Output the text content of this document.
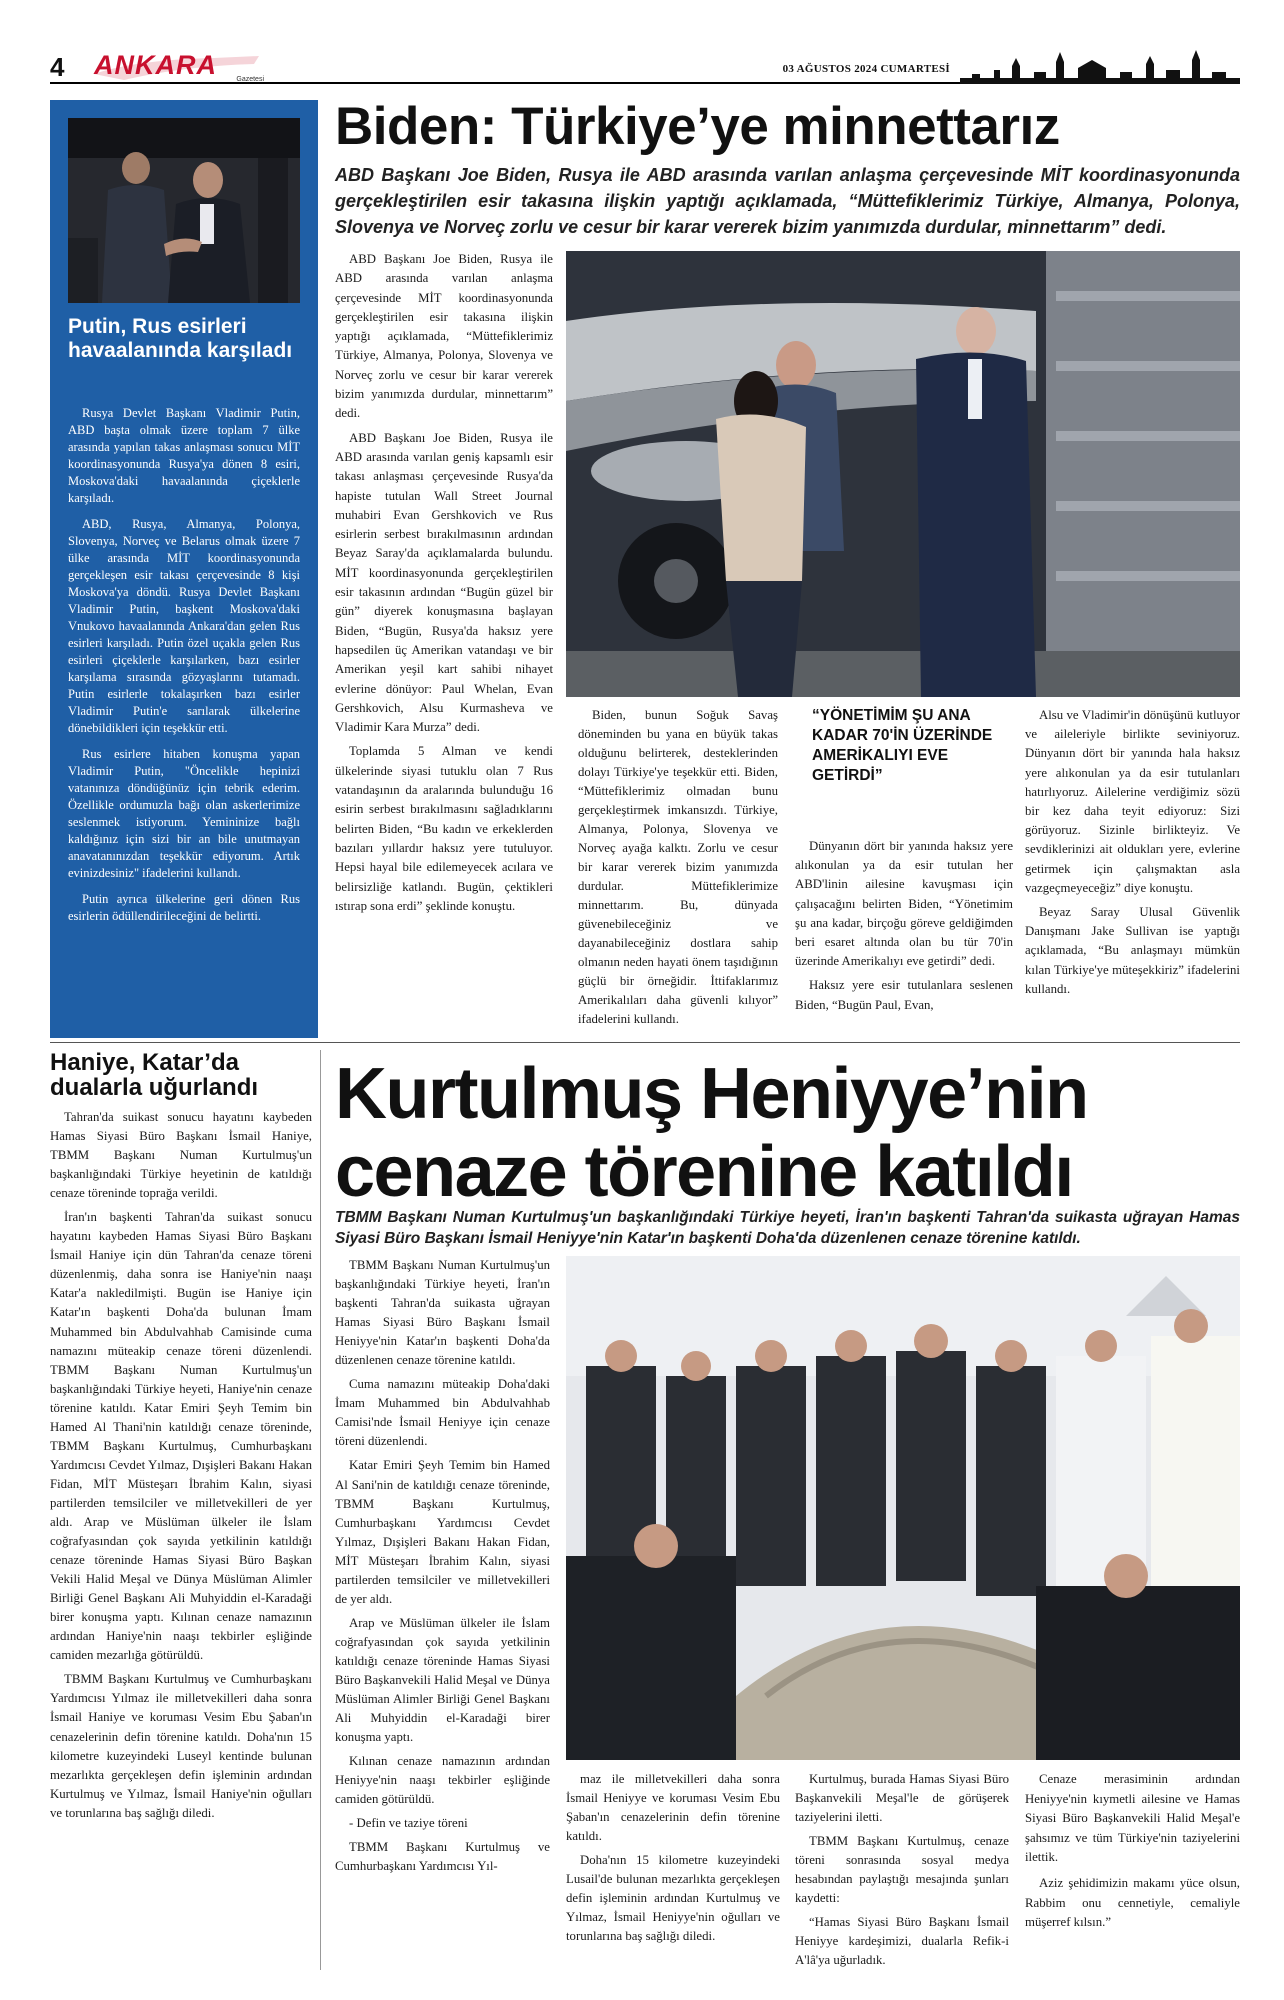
4 ANKARA	Gazetesi
03 AĞUSTOS 2024 CUMARTESİ
Putin, Rus esirleri havaalanında karşıladı

Rusya Devlet Başkanı Vladimir Putin, ABD başta olmak üzere toplam 7 ülke arasında yapılan takas anlaşması sonucu MİT koordinasyonunda Rusya'ya dönen 8 esiri, Moskova'daki havaalanında çiçeklerle karşıladı.

ABD, Rusya, Almanya, Polonya, Slovenya, Norveç ve Belarus olmak üzere 7 ülke arasında MİT koordinasyonunda gerçekleşen esir takası çerçevesinde 8 kişi Moskova'ya döndü. Rusya Devlet Başkanı Vladimir Putin, başkent Moskova'daki Vnukovo havaalanında Ankara'dan gelen Rus esirleri karşıladı. Putin özel uçakla gelen Rus esirleri çiçeklerle karşılarken, bazı esirler karşılama sırasında gözyaşlarını tutamadı. Putin esirlerle tokalaşırken bazı esirler Vladimir Putin'e sarılarak ülkelerine dönebildikleri için teşekkür etti.

Rus esirlere hitaben konuşma yapan Vladimir Putin, "Öncelikle hepinizi vatanınıza döndüğünüz için tebrik ederim. Özellikle ordumuzla bağı olan askerlerimize seslenmek istiyorum. Yemininize bağlı kaldığınız için sizi bir an bile unutmayan anavatanınızdan teşekkür ediyorum. Artık evinizdesiniz" ifadelerini kullandı.

Putin ayrıca ülkelerine geri dönen Rus esirlerin ödüllendirileceğini de belirtti.

Biden: Türkiye’ye minnettarız
ABD Başkanı Joe Biden, Rusya ile ABD arasında varılan anlaşma çerçevesinde MİT koordinasyonunda gerçekleştirilen esir takasına ilişkin yaptığı açıklamada, “Müttefiklerimiz Türkiye, Almanya, Polonya, Slovenya ve Norveç zorlu ve cesur bir karar vererek bizim yanımızda durdular, minnettarım” dedi.

ABD Başkanı Joe Biden, Rusya ile ABD arasında varılan anlaşma çerçevesinde MİT koordinasyonunda gerçekleştirilen esir takasına ilişkin yaptığı açıklamada, “Müttefiklerimiz Türkiye, Almanya, Polonya, Slovenya ve Norveç zorlu ve cesur bir karar vererek bizim yanımızda durdular, minnettarım” dedi.

ABD Başkanı Joe Biden, Rusya ile ABD arasında varılan geniş kapsamlı esir takası anlaşması çerçevesinde Rusya'da hapiste tutulan Wall Street Journal muhabiri Evan Gershkovich ve Rus esirlerin serbest bırakılmasının ardından Beyaz Saray'da açıklamalarda bulundu. MİT koordinasyonunda gerçekleştirilen esir takasının ardından “Bugün güzel bir gün” diyerek konuşmasına başlayan Biden, “Bugün, Rusya'da haksız yere hapsedilen üç Amerikan vatandaşı ve bir Amerikan yeşil kart sahibi nihayet evlerine dönüyor: Paul Whelan, Evan Gershkovich, Alsu Kurmasheva ve Vladimir Kara Murza” dedi.

Toplamda 5 Alman ve kendi ülkelerinde siyasi tutuklu olan 7 Rus vatandaşının da aralarında bulunduğu 16 esirin serbest bırakılmasını sağladıklarını belirten Biden, “Bu kadın ve erkeklerden bazıları yıllardır haksız yere tutuluyor. Hepsi hayal bile edilemeyecek acılara ve belirsizliğe katlandı. Bugün, çektikleri ıstırap sona erdi” şeklinde konuştu.

Biden, bunun Soğuk Savaş döneminden bu yana en büyük takas olduğunu belirterek, desteklerinden dolayı Türkiye'ye teşekkür etti. Biden, “Müttefiklerimiz olmadan bunu gerçekleştirmek imkansızdı. Türkiye, Almanya, Polonya, Slovenya ve Norveç ayağa kalktı. Zorlu ve cesur bir karar vererek bizim yanımızda durdular. Müttefiklerimize minnettarım. Bu, dünyada güvenebileceğiniz ve dayanabileceğiniz dostlara sahip olmanın neden hayati önem taşıdığının güçlü bir örneğidir. İttifaklarımız Amerikalıları daha güvenli kılıyor” ifadelerini kullandı.

“YÖNETİMİM ŞU ANA KADAR 70'İN ÜZERİNDE AMERİKALIYI EVE GETİRDİ”

Dünyanın dört bir yanında haksız yere alıkonulan ya da esir tutulan her ABD'linin ailesine kavuşması için çalışacağını belirten Biden, “Yönetimim şu ana kadar, birçoğu göreve geldiğimden beri esaret altında olan bu tür 70'in üzerinde Amerikalıyı eve getirdi” dedi.

Haksız yere esir tutulanlara seslenen Biden, “Bugün Paul, Evan,

Alsu ve Vladimir'in dönüşünü kutluyor ve aileleriyle birlikte seviniyoruz. Dünyanın dört bir yanında hala haksız yere alıkonulan ya da esir tutulanları hatırlıyoruz. Ailelerine verdiğimiz sözü bir kez daha teyit ediyoruz: Sizi görüyoruz. Sizinle birlikteyiz. Ve sevdiklerinizi ait oldukları yere, evlerine getirmek için çalışmaktan asla vazgeçmeyeceğiz” diye konuştu.

Beyaz Saray Ulusal Güvenlik Danışmanı Jake Sullivan ise yaptığı açıklamada, “Bu anlaşmayı mümkün kılan Türkiye'ye müteşekkiriz” ifadelerini kullandı.

Haniye, Katar’da dualarla uğurlandı

Tahran'da suikast sonucu hayatını kaybeden Hamas Siyasi Büro Başkanı İsmail Haniye, TBMM Başkanı Numan Kurtulmuş'un başkanlığındaki Türkiye heyetinin de katıldığı cenaze töreninde toprağa verildi.

İran'ın başkenti Tahran'da suikast sonucu hayatını kaybeden Hamas Siyasi Büro Başkanı İsmail Haniye için dün Tahran'da cenaze töreni düzenlenmiş, daha sonra ise Haniye'nin naaşı Katar'a nakledilmişti. Bugün ise Haniye için Katar'ın başkenti Doha'da bulunan İmam Muhammed bin Abdulvahhab Camisinde cuma namazını müteakip cenaze töreni düzenlendi. TBMM Başkanı Numan Kurtulmuş'un başkanlığındaki Türkiye heyeti, Haniye'nin cenaze törenine katıldı. Katar Emiri Şeyh Temim bin Hamed Al Thani'nin katıldığı cenaze töreninde, TBMM Başkanı Kurtulmuş, Cumhurbaşkanı Yardımcısı Cevdet Yılmaz, Dışişleri Bakanı Hakan Fidan, MİT Müsteşarı İbrahim Kalın, siyasi partilerden temsilciler ve milletvekilleri de yer aldı. Arap ve Müslüman ülkeler ile İslam coğrafyasından çok sayıda yetkilinin katıldığı cenaze töreninde Hamas Siyasi Büro Başkan Vekili Halid Meşal ve Dünya Müslüman Alimler Birliği Genel Başkanı Ali Muhyiddin el-Karadaği birer konuşma yaptı. Kılınan cenaze namazının ardından Haniye'nin naaşı tekbirler eşliğinde camiden mezarlığa götürüldü.

TBMM Başkanı Kurtulmuş ve Cumhurbaşkanı Yardımcısı Yılmaz ile milletvekilleri daha sonra İsmail Haniye ve koruması Vesim Ebu Şaban'ın cenazelerinin defin törenine katıldı. Doha'nın 15 kilometre kuzeyindeki Luseyl kentinde bulunan mezarlıkta gerçekleşen defin işleminin ardından Kurtulmuş ve Yılmaz, İsmail Haniye'nin oğulları ve torunlarına baş sağlığı diledi.

Kurtulmuş Heniyye’nin cenaze törenine katıldı
TBMM Başkanı Numan Kurtulmuş'un başkanlığındaki Türkiye heyeti, İran'ın başkenti Tahran'da suikasta uğrayan Hamas Siyasi Büro Başkanı İsmail Heniyye'nin Katar'ın başkenti Doha'da düzenlenen cenaze törenine katıldı.

TBMM Başkanı Numan Kurtulmuş'un başkanlığındaki Türkiye heyeti, İran'ın başkenti Tahran'da suikasta uğrayan Hamas Siyasi Büro Başkanı İsmail Heniyye'nin Katar'ın başkenti Doha'da düzenlenen cenaze törenine katıldı.

Cuma namazını müteakip Doha'daki İmam Muhammed bin Abdulvahhab Camisi'nde İsmail Heniyye için cenaze töreni düzenlendi.

Katar Emiri Şeyh Temim bin Hamed Al Sani'nin de katıldığı cenaze töreninde, TBMM Başkanı Kurtulmuş, Cumhurbaşkanı Yardımcısı Cevdet Yılmaz, Dışişleri Bakanı Hakan Fidan, MİT Müsteşarı İbrahim Kalın, siyasi partilerden temsilciler ve milletvekilleri de yer aldı.

Arap ve Müslüman ülkeler ile İslam coğrafyasından çok sayıda yetkilinin katıldığı cenaze töreninde Hamas Siyasi Büro Başkanvekili Halid Meşal ve Dünya Müslüman Alimler Birliği Genel Başkanı Ali Muhyiddin el-Karadaği birer konuşma yaptı.

Kılınan cenaze namazının ardından Heniyye'nin naaşı tekbirler eşliğinde camiden götürüldü.

- Defin ve taziye töreni

TBMM Başkanı Kurtulmuş ve Cumhurbaşkanı Yardımcısı Yıl-

maz ile milletvekilleri daha sonra İsmail Heniyye ve koruması Vesim Ebu Şaban'ın cenazelerinin defin törenine katıldı.

Doha'nın 15 kilometre kuzeyindeki Lusail'de bulunan mezarlıkta gerçekleşen defin işleminin ardından Kurtulmuş ve Yılmaz, İsmail Heniyye'nin oğulları ve torunlarına baş sağlığı diledi.

Kurtulmuş, burada Hamas Siyasi Büro Başkanvekili Meşal'le de görüşerek taziyelerini iletti.

TBMM Başkanı Kurtulmuş, cenaze töreni sonrasında sosyal medya hesabından paylaştığı mesajında şunları kaydetti:

“Hamas Siyasi Büro Başkanı İsmail Heniyye kardeşimizi, dualarla Refik-i A'lâ'ya uğurladık.

Cenaze merasiminin ardından Heniyye'nin kıymetli ailesine ve Hamas Siyasi Büro Başkanvekili Halid Meşal'e şahsımız ve tüm Türkiye'nin taziyelerini ilettik.

Aziz şehidimizin makamı yüce olsun, Rabbim onu cennetiyle, cemaliyle müşerref kılsın.”
